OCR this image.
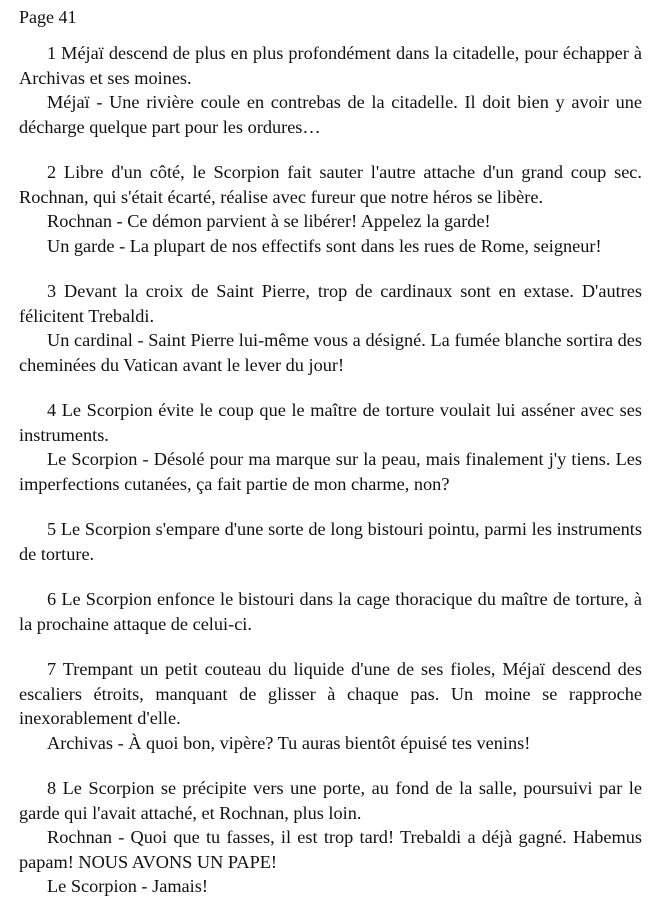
Page 41

1 Méjaï descend de plus en plus profondément dans la citadelle, pour échapper à Archivas et ses moines.

Méjaï - Une rivière coule en contrebas de la citadelle. Il doit bien y avoir une décharge quelque part pour les ordures…

2 Libre d'un côté, le Scorpion fait sauter l'autre attache d'un grand coup sec. Rochnan, qui s'était écarté, réalise avec fureur que notre héros se libère.

Rochnan - Ce démon parvient à se libérer! Appelez la garde!

Un garde - La plupart de nos effectifs sont dans les rues de Rome, seigneur!

3 Devant la croix de Saint Pierre, trop de cardinaux sont en extase. D'autres félicitent Trebaldi.

Un cardinal - Saint Pierre lui-même vous a désigné. La fumée blanche sortira des cheminées du Vatican avant le lever du jour!

4 Le Scorpion évite le coup que le maître de torture voulait lui asséner avec ses instruments.

Le Scorpion - Désolé pour ma marque sur la peau, mais finalement j'y tiens. Les imperfections cutanées, ça fait partie de mon charme, non?

5 Le Scorpion s'empare d'une sorte de long bistouri pointu, parmi les instruments de torture.

6 Le Scorpion enfonce le bistouri dans la cage thoracique du maître de torture, à la prochaine attaque de celui-ci.

7 Trempant un petit couteau du liquide d'une de ses fioles, Méjaï descend des escaliers étroits, manquant de glisser à chaque pas. Un moine se rapproche inexorablement d'elle.

Archivas - À quoi bon, vipère? Tu auras bientôt épuisé tes venins!

8 Le Scorpion se précipite vers une porte, au fond de la salle, poursuivi par le garde qui l'avait attaché, et Rochnan, plus loin.

Rochnan - Quoi que tu fasses, il est trop tard! Trebaldi a déjà gagné. Habemus papam! NOUS AVONS UN PAPE!

Le Scorpion - Jamais!
